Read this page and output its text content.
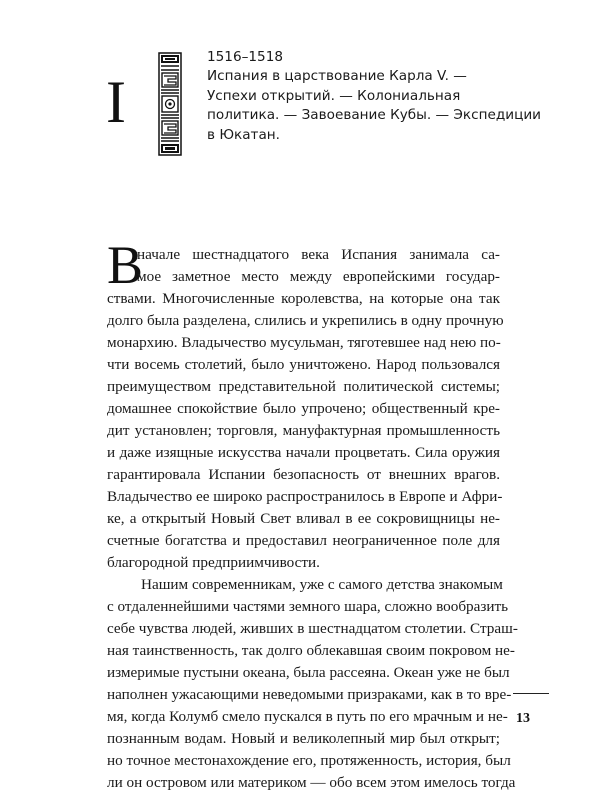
I
1516–1518
Испания в царствование Карла V. —
Успехи открытий. — Колониальная
политика. — Завоевание Кубы. — Экспедиции
в Юкатан.
В
начале шестнадцатого века Испания занимала са-
мое заметное место между европейскими государ-
ствами. Многочисленные королевства, на которые она так
долго была разделена, слились и укрепились в одну прочную
монархию. Владычество мусульман, тяготевшее над нею по-
чти восемь столетий, было уничтожено. Народ пользовался
преимуществом представительной политической системы;
домашнее спокойствие было упрочено; общественный кре-
дит установлен; торговля, мануфактурная промышленность
и даже изящные искусства начали процветать. Сила оружия
гарантировала Испании безопасность от внешних врагов.
Владычество ее широко распространилось в Европе и Афри-
ке, а открытый Новый Свет вливал в ее сокровищницы не-
счетные богатства и предоставил неограниченное поле для
благородной предприимчивости.
Нашим современникам, уже с самого детства знакомым
с отдаленнейшими частями земного шара, сложно вообразить
себе чувства людей, живших в шестнадцатом столетии. Страш-
ная таинственность, так долго облекавшая своим покровом не-
измеримые пустыни океана, была рассеяна. Океан уже не был
наполнен ужасающими неведомыми призраками, как в то вре-
мя, когда Колумб смело пускался в путь по его мрачным и не-
познанным водам. Новый и великолепный мир был открыт;
но точное местонахождение его, протяженность, история, был
ли он островом или материком — обо всем этом имелось тогда
13
